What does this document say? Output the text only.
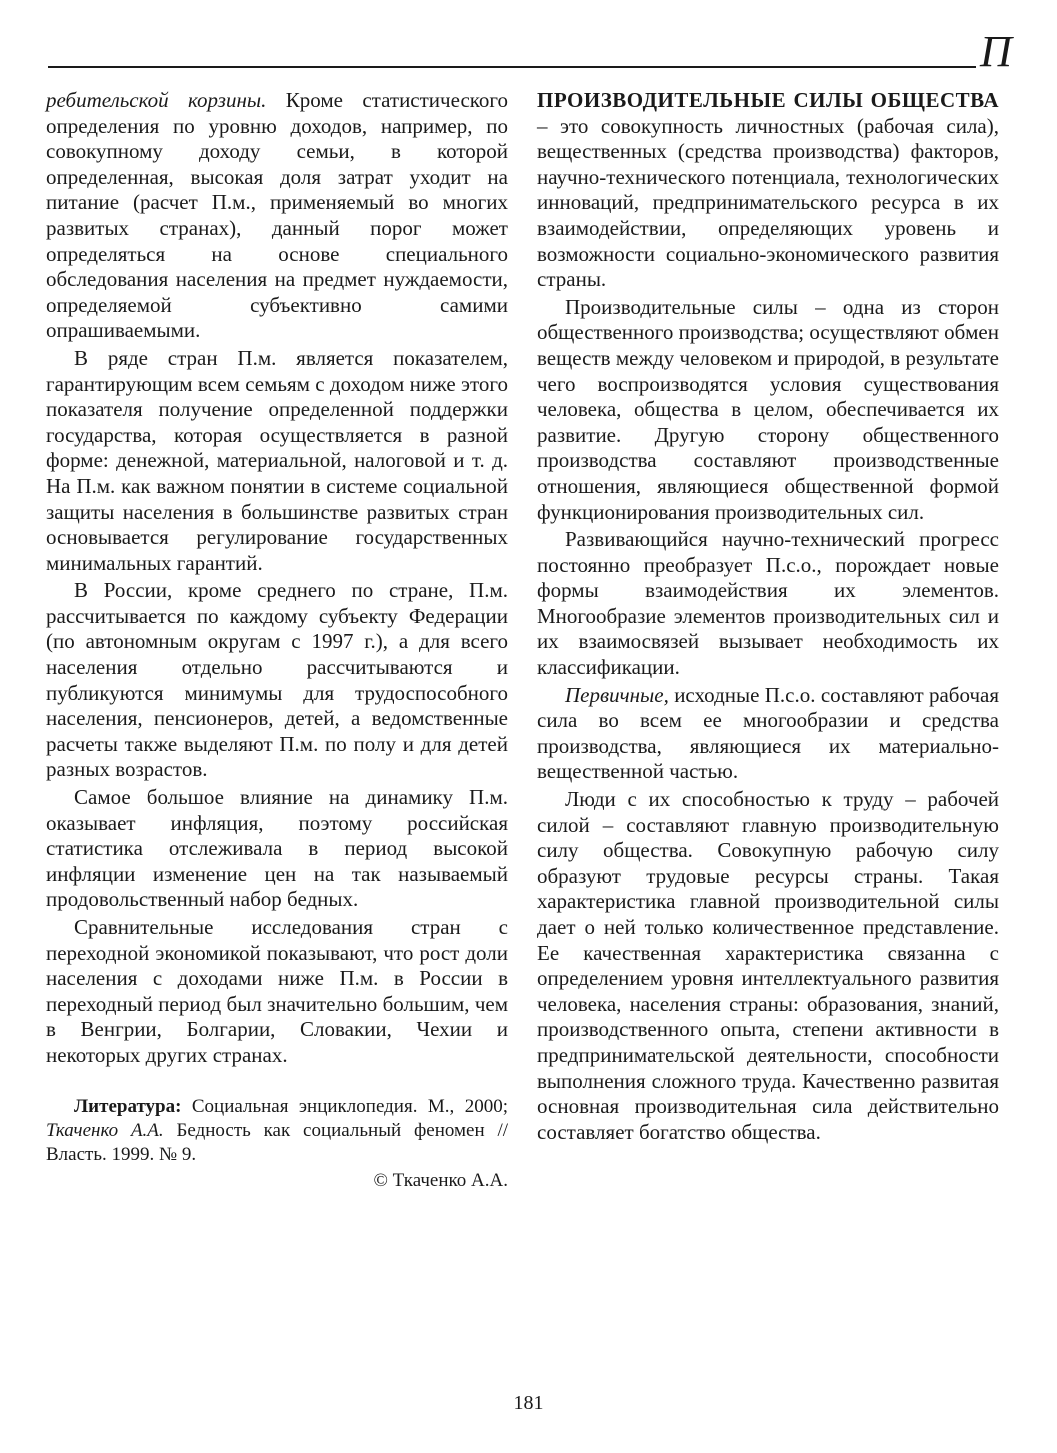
П

ребительской корзины. Кроме статистического определения по уровню доходов, например, по совокупному доходу семьи, в которой определенная, высокая доля затрат уходит на питание (расчет П.м., применяемый во многих развитых странах), данный порог может определяться на основе специального обследования населения на предмет нуждаемости, определяемой субъективно самими опрашиваемыми.

В ряде стран П.м. является показателем, гарантирующим всем семьям с доходом ниже этого показателя получение определенной поддержки государства, которая осуществляется в разной форме: денежной, материальной, налоговой и т. д. На П.м. как важном понятии в системе социальной защиты населения в большинстве развитых стран основывается регулирование государственных минимальных гарантий.

В России, кроме среднего по стране, П.м. рассчитывается по каждому субъекту Федерации (по автономным округам с 1997 г.), а для всего населения отдельно рассчитываются и публикуются минимумы для трудоспособного населения, пенсионеров, детей, а ведомственные расчеты также выделяют П.м. по полу и для детей разных возрастов.

Самое большое влияние на динамику П.м. оказывает инфляция, поэтому российская статистика отслеживала в период высокой инфляции изменение цен на так называемый продовольственный набор бедных.

Сравнительные исследования стран с переходной экономикой показывают, что рост доли населения с доходами ниже П.м. в России в переходный период был значительно большим, чем в Венгрии, Болгарии, Словакии, Чехии и некоторых других странах.

Литература: Социальная энциклопедия. М., 2000; Ткаченко А.А. Бедность как социальный феномен // Власть. 1999. № 9.

© Ткаченко А.А.

ПРОИЗВОДИТЕЛЬНЫЕ СИЛЫ ОБЩЕСТВА – это совокупность личностных (рабочая сила), вещественных (средства производства) факторов, научно-технического потенциала, технологических инноваций, предпринимательского ресурса в их взаимодействии, определяющих уровень и возможности социально-экономического развития страны.

Производительные силы – одна из сторон общественного производства; осуществляют обмен веществ между человеком и природой, в результате чего воспроизводятся условия существования человека, общества в целом, обеспечивается их развитие. Другую сторону общественного производства составляют производственные отношения, являющиеся общественной формой функционирования производительных сил.

Развивающийся научно-технический прогресс постоянно преобразует П.с.о., порождает новые формы взаимодействия их элементов. Многообразие элементов производительных сил и их взаимосвязей вызывает необходимость их классификации.

Первичные, исходные П.с.о. составляют рабочая сила во всем ее многообразии и средства производства, являющиеся их материально-вещественной частью.

Люди с их способностью к труду – рабочей силой – составляют главную производительную силу общества. Совокупную рабочую силу образуют трудовые ресурсы страны. Такая характеристика главной производительной силы дает о ней только количественное представление. Ее качественная характеристика связанна с определением уровня интеллектуального развития человека, населения страны: образования, знаний, производственного опыта, степени активности в предпринимательской деятельности, способности выполнения сложного труда. Качественно развитая основная производительная сила действительно составляет богатство общества.

181
